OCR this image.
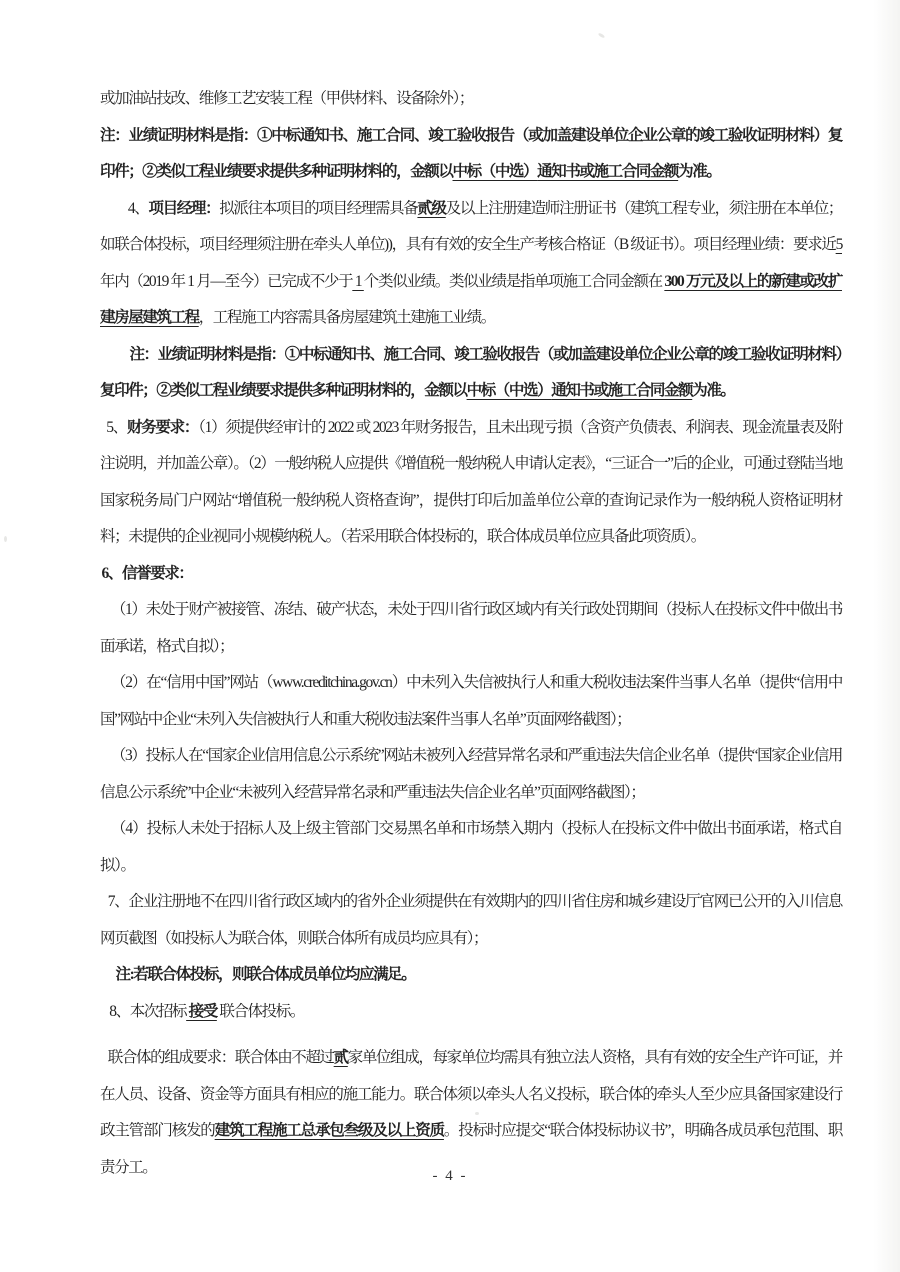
或加油站技改、维修工艺安装工程（甲供材料、设备除外）；

注：业绩证明材料是指：①中标通知书、施工合同、竣工验收报告（或加盖建设单位企业公章的竣工验收证明材料）复印件；②类似工程业绩要求提供多种证明材料的，金额以中标（中选）通知书或施工合同金额为准。

4、项目经理：拟派往本项目的项目经理需具备贰级及以上注册建造师注册证书（建筑工程专业，须注册在本单位；如联合体投标，项目经理须注册在牵头人单位))，具有有效的安全生产考核合格证（B 级证书）。项目经理业绩：要求近5年内（2019 年 1 月—至今）已完成不少于 1 个类似业绩。类似业绩是指单项施工合同金额在 300 万元及以上的新建或改扩建房屋建筑工程，工程施工内容需具备房屋建筑土建施工业绩。

注：业绩证明材料是指：①中标通知书、施工合同、竣工验收报告（或加盖建设单位企业公章的竣工验收证明材料）复印件；②类似工程业绩要求提供多种证明材料的，金额以中标（中选）通知书或施工合同金额为准。

5、财务要求：（1）须提供经审计的 2022 或 2023 年财务报告，且未出现亏损（含资产负债表、利润表、现金流量表及附注说明，并加盖公章）。（2）一般纳税人应提供《增值税一般纳税人申请认定表》，“三证合一”后的企业，可通过登陆当地国家税务局门户网站“增值税一般纳税人资格查询”，提供打印后加盖单位公章的查询记录作为一般纳税人资格证明材料；未提供的企业视同小规模纳税人。（若采用联合体投标的，联合体成员单位应具备此项资质）。

6、信誉要求：

（1）未处于财产被接管、冻结、破产状态，未处于四川省行政区域内有关行政处罚期间（投标人在投标文件中做出书面承诺，格式自拟）；

（2）在“信用中国”网站（www.creditchina.gov.cn）中未列入失信被执行人和重大税收违法案件当事人名单（提供“信用中国”网站中企业“未列入失信被执行人和重大税收违法案件当事人名单”页面网络截图）；

（3）投标人在“国家企业信用信息公示系统”网站未被列入经营异常名录和严重违法失信企业名单（提供“国家企业信用信息公示系统”中企业“未被列入经营异常名录和严重违法失信企业名单”页面网络截图）；

（4）投标人未处于招标人及上级主管部门交易黑名单和市场禁入期内（投标人在投标文件中做出书面承诺，格式自拟）。

7、企业注册地不在四川省行政区域内的省外企业须提供在有效期内的四川省住房和城乡建设厅官网已公开的入川信息网页截图（如投标人为联合体，则联合体所有成员均应具有）；

注:若联合体投标，则联合体成员单位均应满足。

8、本次招标 接受 联合体投标。

联合体的组成要求：联合体由不超过贰家单位组成，每家单位均需具有独立法人资格，具有有效的安全生产许可证，并在人员、设备、资金等方面具有相应的施工能力。联合体须以牵头人名义投标，联合体的牵头人至少应具备国家建设行政主管部门核发的建筑工程施工总承包叁级及以上资质。投标时应提交“联合体投标协议书”，明确各成员承包范围、职责分工。

- 4 -
